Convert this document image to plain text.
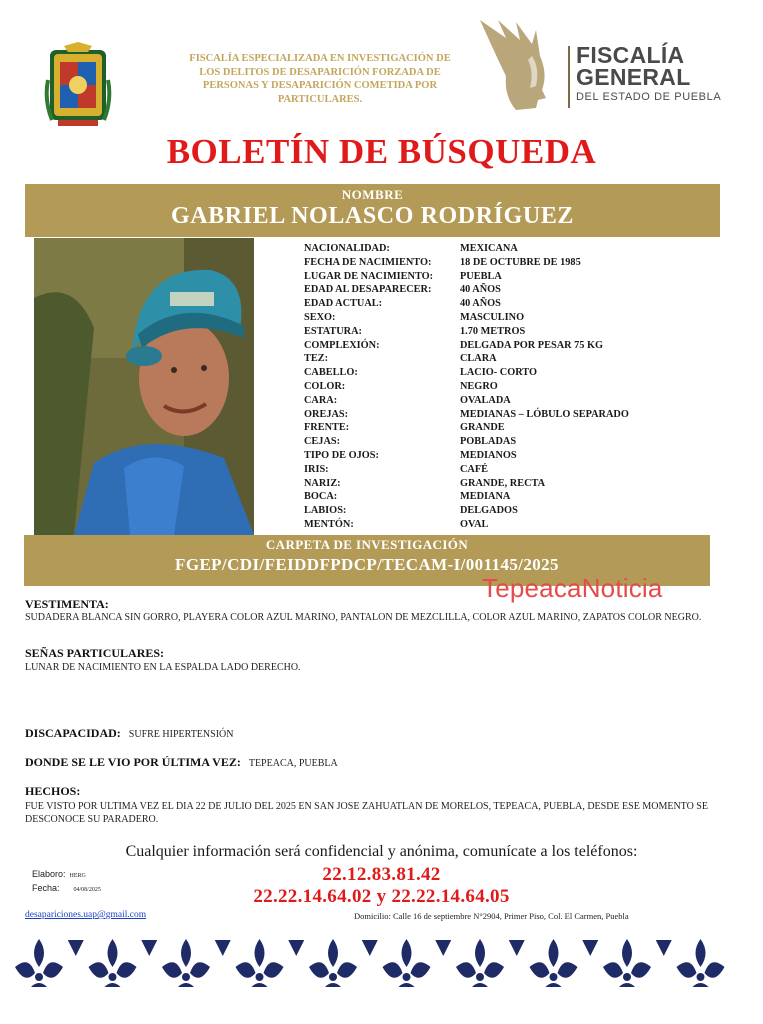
FISCALÍA ESPECIALIZADA EN INVESTIGACIÓN DE
LOS DELITOS DE DESAPARICIÓN FORZADA DE
PERSONAS Y DESAPARICIÓN COMETIDA POR
PARTICULARES.
FISCALÍA
GENERAL
DEL ESTADO DE PUEBLA
BOLETÍN DE BÚSQUEDA
NOMBRE
GABRIEL NOLASCO RODRÍGUEZ
NACIONALIDAD:	MEXICANA
FECHA DE NACIMIENTO:	18 DE OCTUBRE DE 1985
LUGAR DE NACIMIENTO:	PUEBLA
EDAD AL DESAPARECER:	40 AÑOS
EDAD ACTUAL:	40 AÑOS
SEXO:	MASCULINO
ESTATURA:	1.70 METROS
COMPLEXIÓN:	DELGADA POR PESAR 75 KG
TEZ:	CLARA
CABELLO:	LACIO- CORTO
COLOR:	NEGRO
CARA:	OVALADA
OREJAS:	MEDIANAS – LÓBULO SEPARADO
FRENTE:	GRANDE
CEJAS:	POBLADAS
TIPO DE OJOS:	MEDIANOS
IRIS:	CAFÉ
NARIZ:	GRANDE, RECTA
BOCA:	MEDIANA
LABIOS:	DELGADOS
MENTÓN:	OVAL
CARPETA DE INVESTIGACIÓN
FGEP/CDI/FEIDDFPDCP/TECAM-I/001145/2025
TepeacaNoticia
VESTIMENTA:
SUDADERA BLANCA SIN GORRO, PLAYERA COLOR AZUL MARINO, PANTALON DE MEZCLILLA, COLOR AZUL MARINO, ZAPATOS COLOR NEGRO.
SEÑAS PARTICULARES:
LUNAR DE NACIMIENTO EN LA ESPALDA LADO DERECHO.
DISCAPACIDAD: SUFRE HIPERTENSIÓN
DONDE SE LE VIO POR ÚLTIMA VEZ: TEPEACA, PUEBLA
HECHOS:
FUE VISTO POR ULTIMA VEZ EL DIA 22 DE JULIO DEL 2025 EN SAN JOSE ZAHUATLAN DE MORELOS, TEPEACA, PUEBLA, DESDE ESE MOMENTO SE DESCONOCE SU PARADERO.
Cualquier información será confidencial y anónima, comunícate a los teléfonos:
22.12.83.81.42
22.22.14.64.02 y 22.22.14.64.05
Elaboro: HERG
Fecha: 04/08/2025
desapariciones.uap@gmail.com	Domicilio: Calle 16 de septiembre N°2904, Primer Piso, Col. El Carmen, Puebla
